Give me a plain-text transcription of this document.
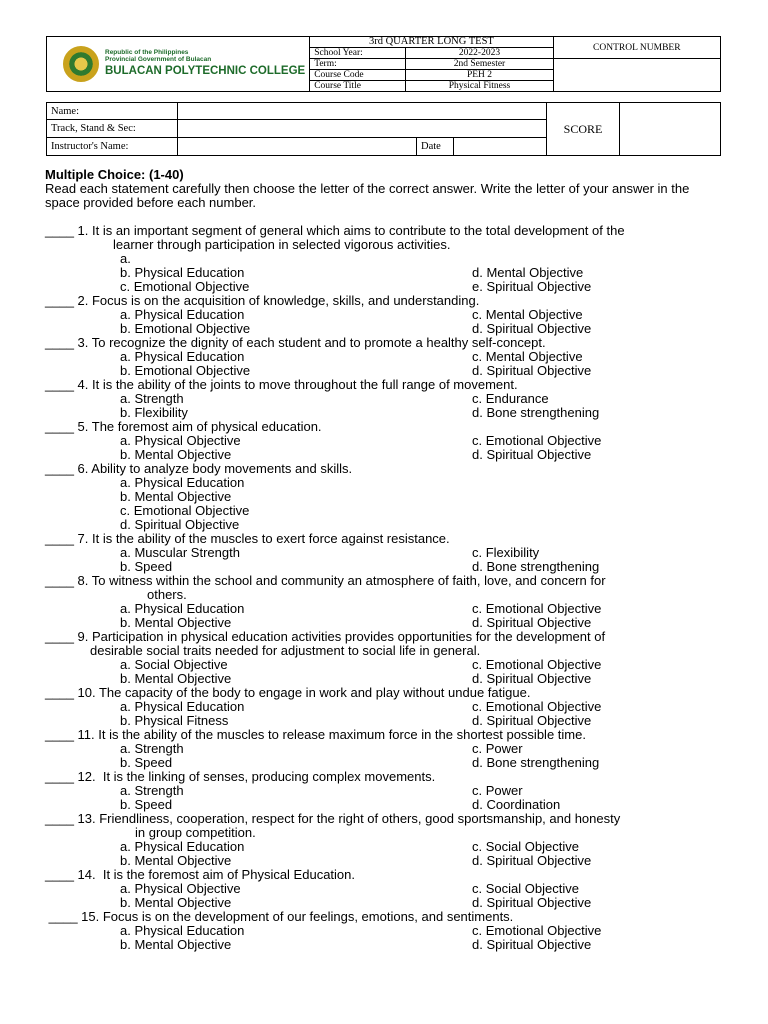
Republic of the Philippines
Provincial Government of Bulacan
BULACAN POLYTECHNIC COLLEGE	3rd QUARTER LONG TEST		CONTROL NUMBER
	School Year:	2022-2023	
	Term:	2nd Semester	
	Course Code	PEH 2	
	Course Title	Physical Fitness	
Name:			SCORE	
Track, Stand & Sec:				
Instructor's Name:		Date		
Multiple Choice: (1-40)
Read each statement carefully then choose the letter of the correct answer. Write the letter of your answer in the space provided before each number.
____ 1. It is an important segment of general which aims to contribute to the total development of the
learner through participation in selected vigorous activities.
a.
b. Physical Education	d. Mental Objective
c. Emotional Objective	e. Spiritual Objective
____ 2. Focus is on the acquisition of knowledge, skills, and understanding.
a. Physical Education	c. Mental Objective
b. Emotional Objective	d. Spiritual Objective
____ 3. To recognize the dignity of each student and to promote a healthy self-concept.
a. Physical Education	c. Mental Objective
b. Emotional Objective	d. Spiritual Objective
____ 4. It is the ability of the joints to move throughout the full range of movement.
a. Strength	c. Endurance
b. Flexibility	d. Bone strengthening
____ 5. The foremost aim of physical education.
a. Physical Objective	c. Emotional Objective
b. Mental Objective	d. Spiritual Objective
____ 6. Ability to analyze body movements and skills.
a. Physical Education
b. Mental Objective
c. Emotional Objective
d. Spiritual Objective
____ 7. It is the ability of the muscles to exert force against resistance.
a. Muscular Strength	c. Flexibility
b. Speed	d. Bone strengthening
____ 8. To witness within the school and community an atmosphere of faith, love, and concern for
others.
a. Physical Education	c. Emotional Objective
b. Mental Objective	d. Spiritual Objective
____ 9. Participation in physical education activities provides opportunities for the development of
desirable social traits needed for adjustment to social life in general.
a. Social Objective	c. Emotional Objective
b. Mental Objective	d. Spiritual Objective
____ 10. The capacity of the body to engage in work and play without undue fatigue.
a. Physical Education	c. Emotional Objective
b. Physical Fitness	d. Spiritual Objective
____ 11. It is the ability of the muscles to release maximum force in the shortest possible time.
a. Strength	c. Power
b. Speed	d. Bone strengthening
____ 12.  It is the linking of senses, producing complex movements.
a. Strength	c. Power
b. Speed	d. Coordination
____ 13. Friendliness, cooperation, respect for the right of others, good sportsmanship, and honesty
in group competition.
a. Physical Education	c. Social Objective
b. Mental Objective	d. Spiritual Objective
____ 14.  It is the foremost aim of Physical Education.
a. Physical Objective	c. Social Objective
b. Mental Objective	d. Spiritual Objective
____ 15. Focus is on the development of our feelings, emotions, and sentiments.
a. Physical Education	c. Emotional Objective
b. Mental Objective	d. Spiritual Objective
